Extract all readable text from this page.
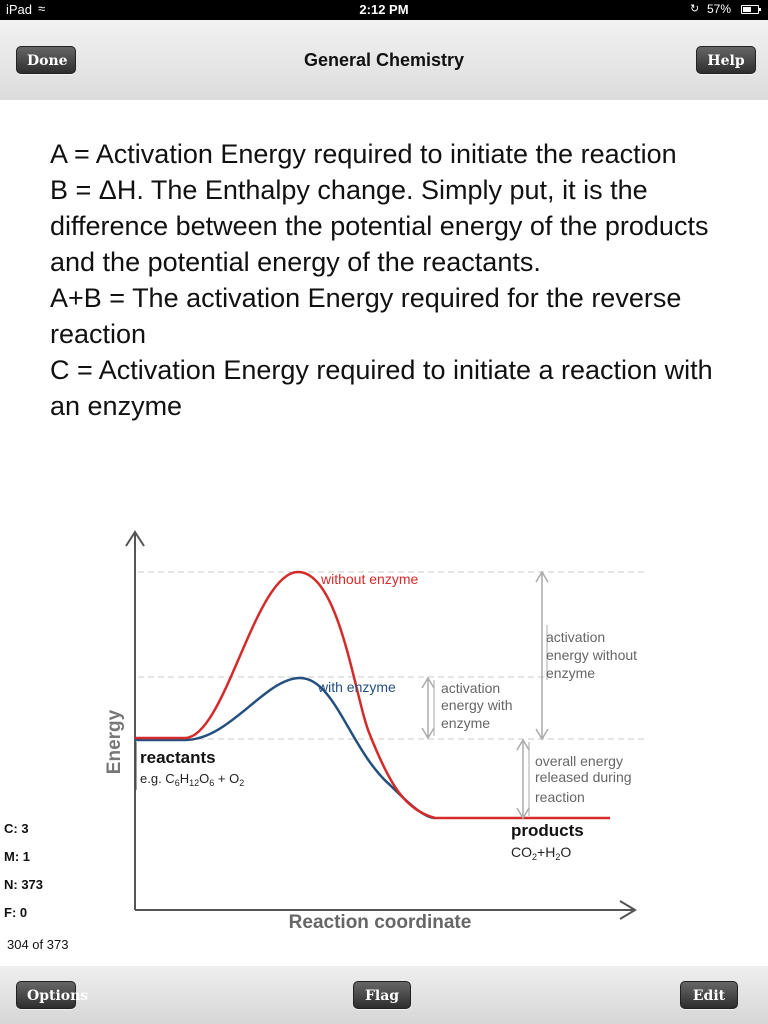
iPad ≈	2:12 PM	↻ 57%
Done	General Chemistry	Help

A = Activation Energy required to initiate the reaction

B = ΔH. The Enthalpy change. Simply put, it is the difference between the potential energy of the products and the potential energy of the reactants.

A+B = The activation Energy required for the reverse reaction

C = Activation Energy required to initiate a reaction with an enzyme

Energy
Reaction coordinate
without enzyme
with enzyme
activation energy without enzyme
activation energy with enzyme
overall energy released during reaction
reactants
e.g. $C_6H_{12}O_6 + O_2$
products
$CO_2+H_2O$
C: 3
M: 1
N: 373
F: 0
304 of 373
Options	Flag	Edit
